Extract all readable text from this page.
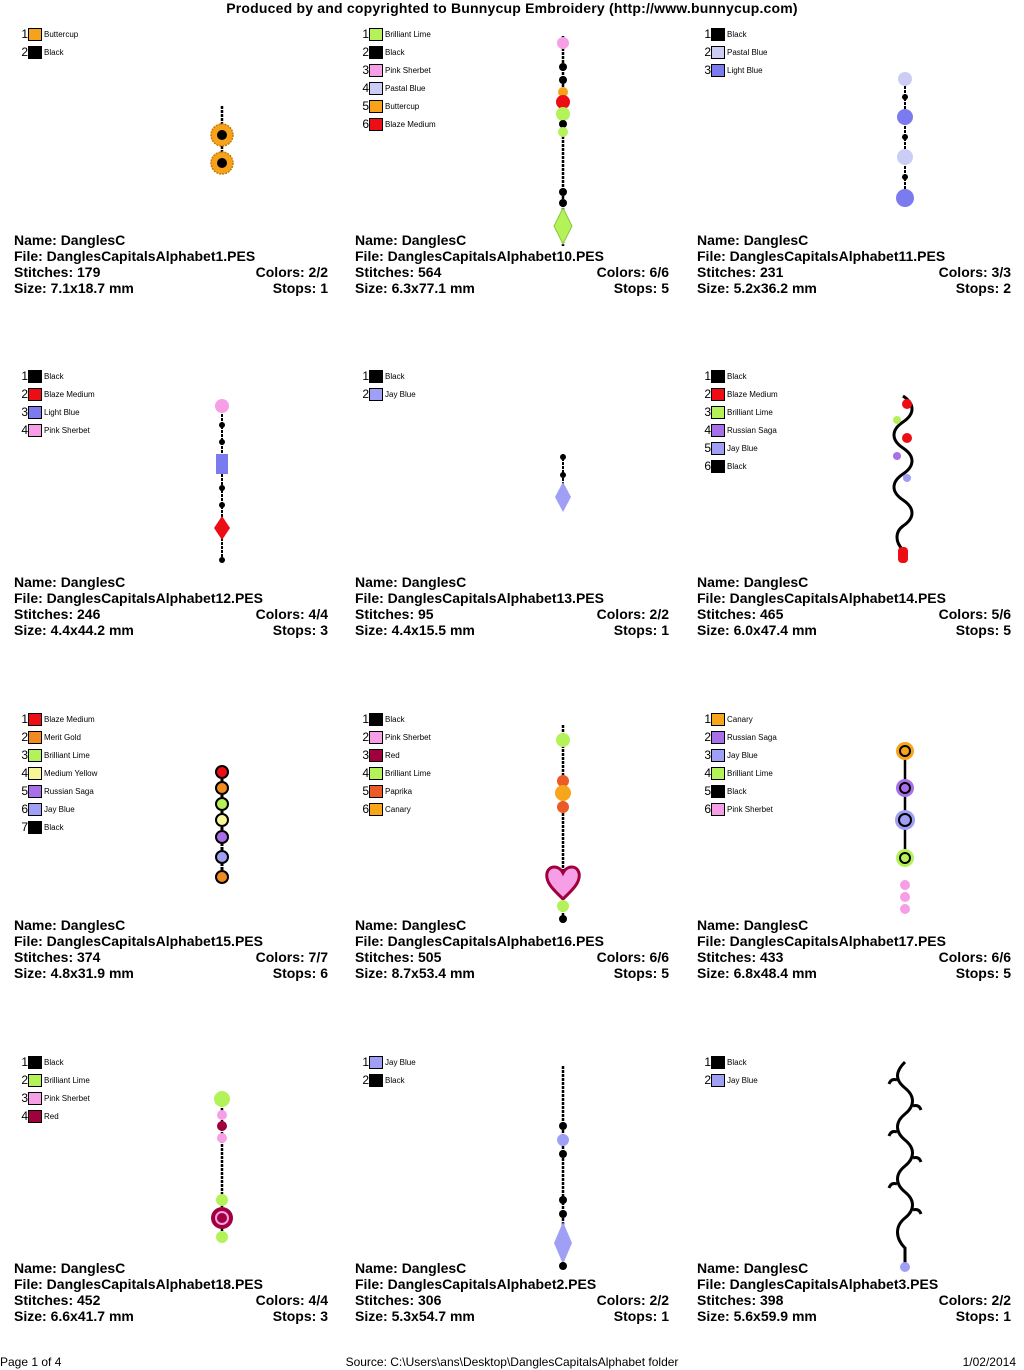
Produced by and copyrighted to Bunnycup Embroidery (http://www.bunnycup.com)
1 Buttercup
2 Black
Name: DanglesC
File: DanglesCapitalsAlphabet1.PES
Stitches: 179	Colors: 2/2
Size: 7.1x18.7 mm	Stops: 1
1 Brilliant Lime
2 Black
3 Pink Sherbet
4 Pastal Blue
5 Buttercup
6 Blaze Medium
Name: DanglesC
File: DanglesCapitalsAlphabet10.PES
Stitches: 564	Colors: 6/6
Size: 6.3x77.1 mm	Stops: 5
1 Black
2 Pastal Blue
3 Light Blue
Name: DanglesC
File: DanglesCapitalsAlphabet11.PES
Stitches: 231	Colors: 3/3
Size: 5.2x36.2 mm	Stops: 2
1 Black
2 Blaze Medium
3 Light Blue
4 Pink Sherbet
Name: DanglesC
File: DanglesCapitalsAlphabet12.PES
Stitches: 246	Colors: 4/4
Size: 4.4x44.2 mm	Stops: 3
1 Black
2 Jay Blue
Name: DanglesC
File: DanglesCapitalsAlphabet13.PES
Stitches: 95	Colors: 2/2
Size: 4.4x15.5 mm	Stops: 1
1 Black
2 Blaze Medium
3 Brilliant Lime
4 Russian Saga
5 Jay Blue
6 Black
Name: DanglesC
File: DanglesCapitalsAlphabet14.PES
Stitches: 465	Colors: 5/6
Size: 6.0x47.4 mm	Stops: 5
1 Blaze Medium
2 Merit Gold
3 Brilliant Lime
4 Medium Yellow
5 Russian Saga
6 Jay Blue
7 Black
Name: DanglesC
File: DanglesCapitalsAlphabet15.PES
Stitches: 374	Colors: 7/7
Size: 4.8x31.9 mm	Stops: 6
1 Black
2 Pink Sherbet
3 Red
4 Brilliant Lime
5 Paprika
6 Canary
Name: DanglesC
File: DanglesCapitalsAlphabet16.PES
Stitches: 505	Colors: 6/6
Size: 8.7x53.4 mm	Stops: 5
1 Canary
2 Russian Saga
3 Jay Blue
4 Brilliant Lime
5 Black
6 Pink Sherbet
Name: DanglesC
File: DanglesCapitalsAlphabet17.PES
Stitches: 433	Colors: 6/6
Size: 6.8x48.4 mm	Stops: 5
1 Black
2 Brilliant Lime
3 Pink Sherbet
4 Red
Name: DanglesC
File: DanglesCapitalsAlphabet18.PES
Stitches: 452	Colors: 4/4
Size: 6.6x41.7 mm	Stops: 3
1 Jay Blue
2 Black
Name: DanglesC
File: DanglesCapitalsAlphabet2.PES
Stitches: 306	Colors: 2/2
Size: 5.3x54.7 mm	Stops: 1
1 Black
2 Jay Blue
Name: DanglesC
File: DanglesCapitalsAlphabet3.PES
Stitches: 398	Colors: 2/2
Size: 5.6x59.9 mm	Stops: 1
Page 1 of 4	Source: C:\Users\ans\Desktop\DanglesCapitalsAlphabet folder	1/02/2014
